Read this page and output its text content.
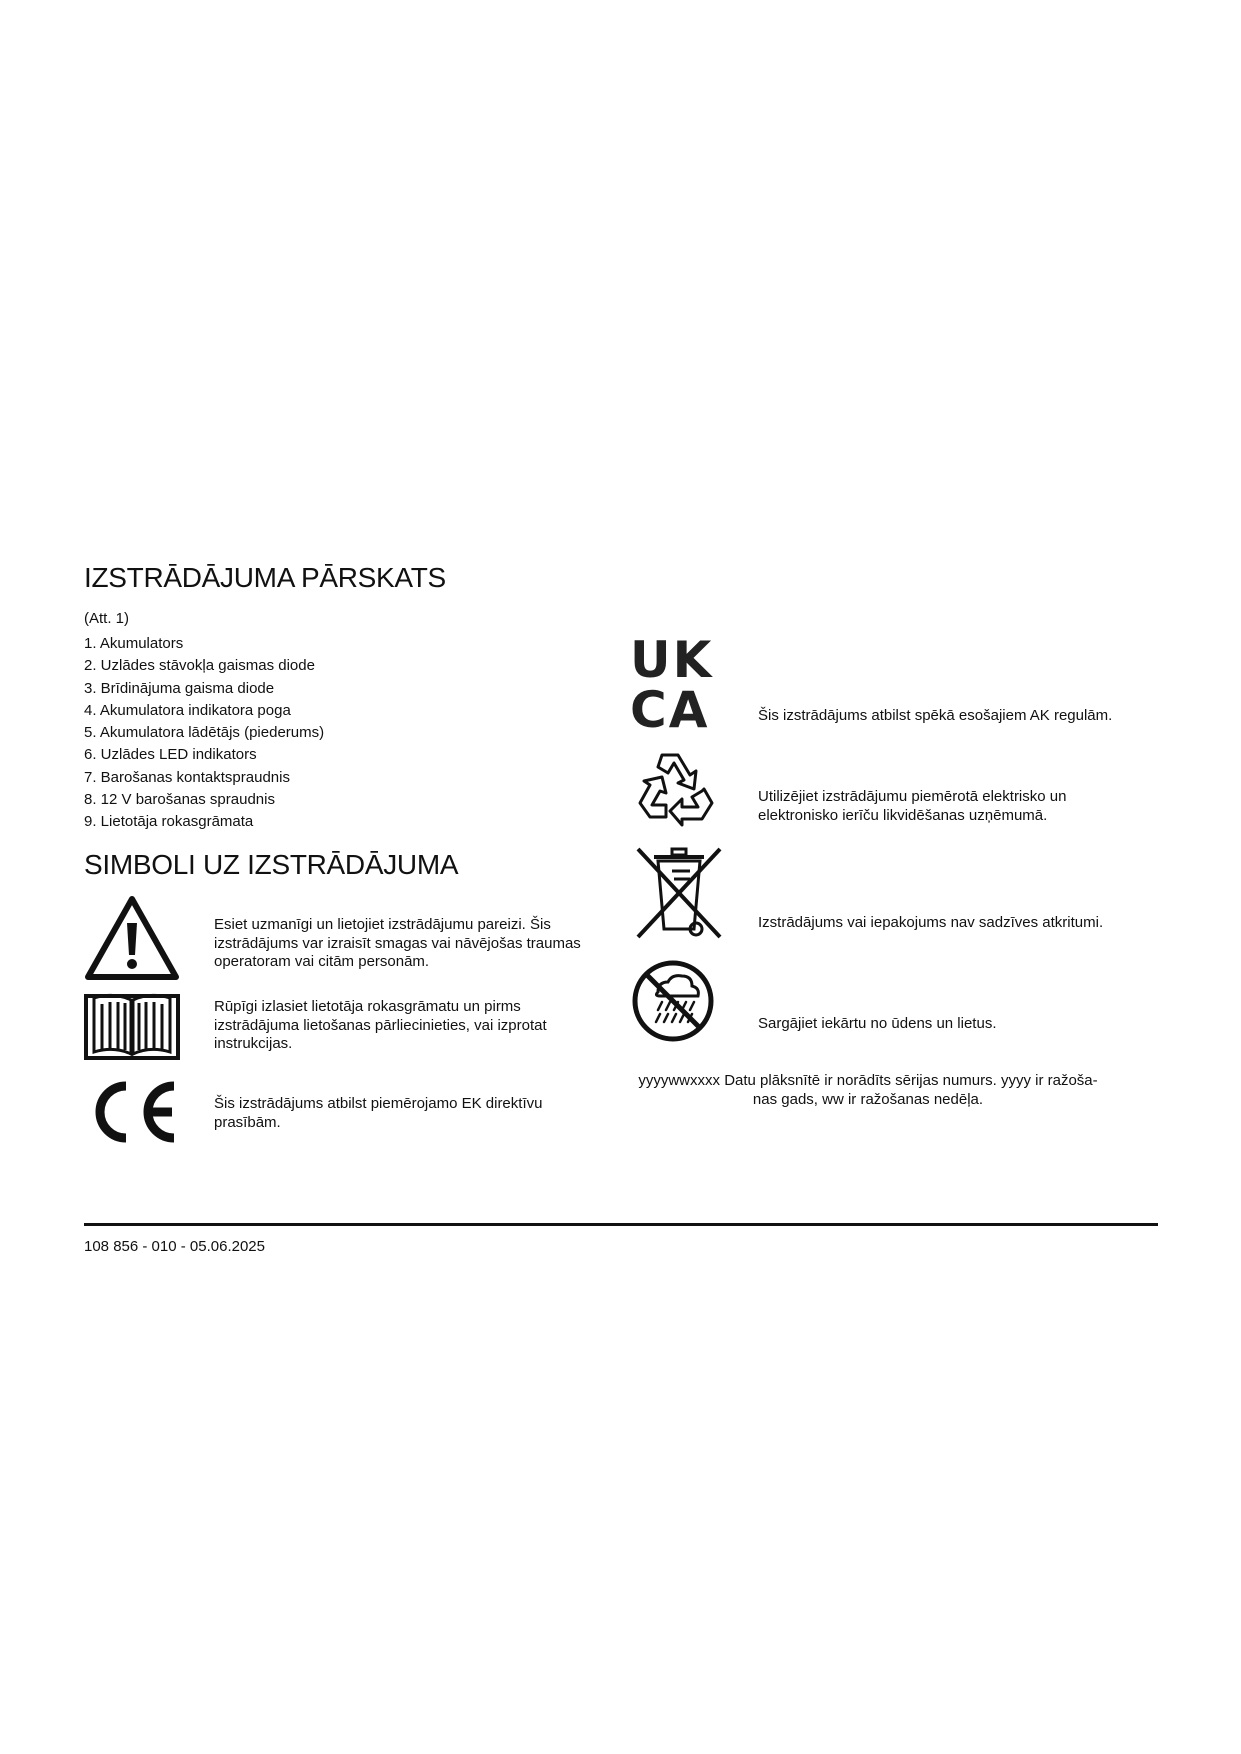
IZSTRĀDĀJUMA PĀRSKATS
(Att. 1)
1. Akumulators
2. Uzlādes stāvokļa gaismas diode
3. Brīdinājuma gaisma diode
4. Akumulatora indikatora poga
5. Akumulatora lādētājs (piederums)
6. Uzlādes LED indikators
7. Barošanas kontaktspraudnis
8. 12 V barošanas spraudnis
9. Lietotāja rokasgrāmata
SIMBOLI UZ IZSTRĀDĀJUMA
Esiet uzmanīgi un lietojiet izstrādājumu pareizi. Šis izstrādājums var izraisīt smagas vai nāvējošas traumas operatoram vai citām personām.
Rūpīgi izlasiet lietotāja rokasgrāmatu un pirms izstrādājuma lietošanas pārliecinieties, vai izprotat instrukcijas.
Šis izstrādājums atbilst piemērojamo EK direktīvu prasībām.
UK
CA	Šis izstrādājums atbilst spēkā esošajiem AK regulām.
Utilizējiet izstrādājumu piemērotā elektrisko un elektronisko ierīču likvidēšanas uzņēmumā.
Izstrādājums vai iepakojums nav sadzīves atkritumi.
Sargājiet iekārtu no ūdens un lietus.
yyyywwxxxx Datu plāksnītē ir norādīts sērijas numurs. yyyy ir ražoša-
nas gads, ww ir ražošanas nedēļa.
108 856 - 010 - 05.06.2025
